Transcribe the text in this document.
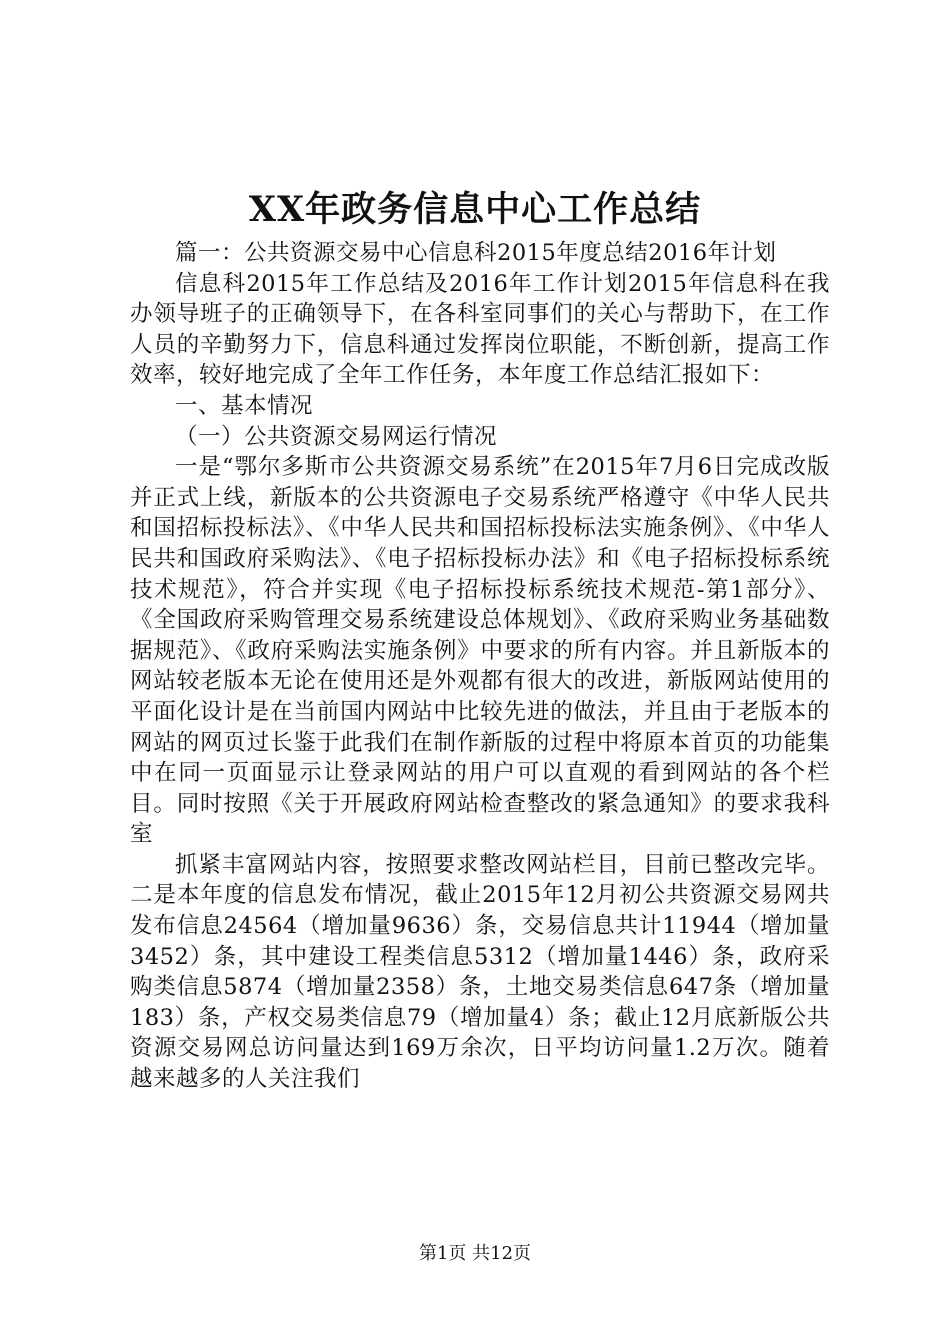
XX年政务信息中心工作总结

篇一：公共资源交易中心信息科2015年度总结2016年计划

信息科2015年工作总结及2016年工作计划2015年信息科在我办领导班子的正确领导下，在各科室同事们的关心与帮助下，在工作人员的辛勤努力下，信息科通过发挥岗位职能，不断创新，提高工作效率，较好地完成了全年工作任务，本年度工作总结汇报如下：

一、基本情况

（一）公共资源交易网运行情况

一是“鄂尔多斯市公共资源交易系统”在2015年7月6日完成改版并正式上线，新版本的公共资源电子交易系统严格遵守《中华人民共和国招标投标法》、《中华人民共和国招标投标法实施条例》、《中华人民共和国政府采购法》、《电子招标投标办法》和《电子招标投标系统技术规范》，符合并实现《电子招标投标系统技术规范-第1部分》、《全国政府采购管理交易系统建设总体规划》、《政府采购业务基础数据规范》、《政府采购法实施条例》中要求的所有内容。并且新版本的网站较老版本无论在使用还是外观都有很大的改进，新版网站使用的平面化设计是在当前国内网站中比较先进的做法，并且由于老版本的网站的网页过长鉴于此我们在制作新版的过程中将原本首页的功能集中在同一页面显示让登录网站的用户可以直观的看到网站的各个栏目。同时按照《关于开展政府网站检查整改的紧急通知》的要求我科室

抓紧丰富网站内容，按照要求整改网站栏目，目前已整改完毕。二是本年度的信息发布情况，截止2015年12月初公共资源交易网共发布信息24564（增加量9636）条，交易信息共计11944（增加量3452）条，其中建设工程类信息5312（增加量1446）条，政府采购类信息5874（增加量2358）条，土地交易类信息647条（增加量183）条，产权交易类信息79（增加量4）条；截止12月底新版公共资源交易网总访问量达到169万余次，日平均访问量1.2万次。随着越来越多的人关注我们

第1页 共12页
